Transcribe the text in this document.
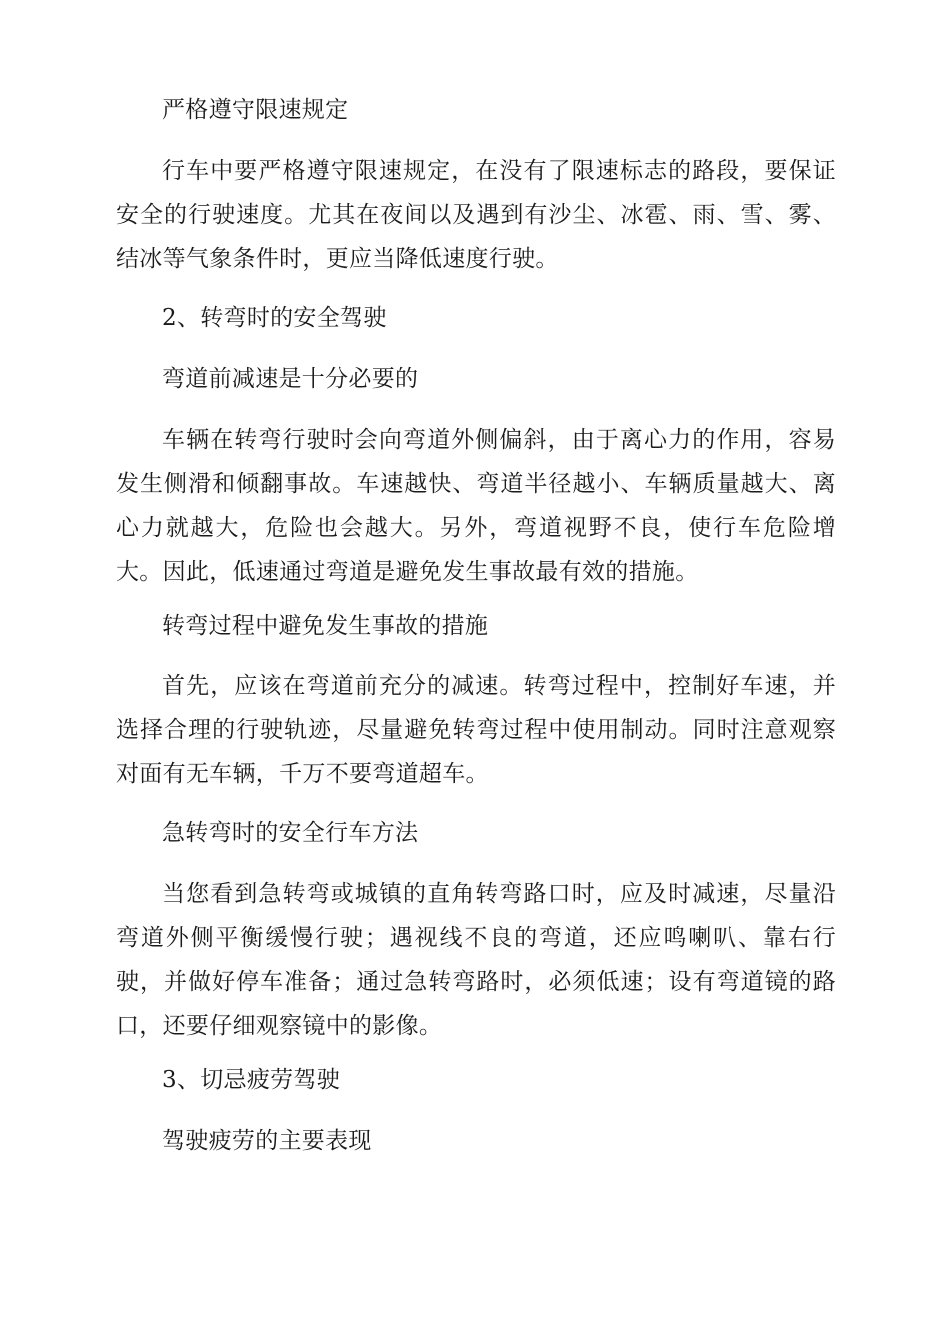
严格遵守限速规定

行车中要严格遵守限速规定，在没有了限速标志的路段，要保证安全的行驶速度。尤其在夜间以及遇到有沙尘、冰雹、雨、雪、雾、结冰等气象条件时，更应当降低速度行驶。

2、转弯时的安全驾驶

弯道前减速是十分必要的

车辆在转弯行驶时会向弯道外侧偏斜，由于离心力的作用，容易发生侧滑和倾翻事故。车速越快、弯道半径越小、车辆质量越大、离心力就越大，危险也会越大。另外，弯道视野不良，使行车危险增大。因此，低速通过弯道是避免发生事故最有效的措施。

转弯过程中避免发生事故的措施

首先，应该在弯道前充分的减速。转弯过程中，控制好车速，并选择合理的行驶轨迹，尽量避免转弯过程中使用制动。同时注意观察对面有无车辆，千万不要弯道超车。

急转弯时的安全行车方法

当您看到急转弯或城镇的直角转弯路口时，应及时减速，尽量沿弯道外侧平衡缓慢行驶；遇视线不良的弯道，还应鸣喇叭、靠右行驶，并做好停车准备；通过急转弯路时，必须低速；设有弯道镜的路口，还要仔细观察镜中的影像。

3、切忌疲劳驾驶

驾驶疲劳的主要表现
